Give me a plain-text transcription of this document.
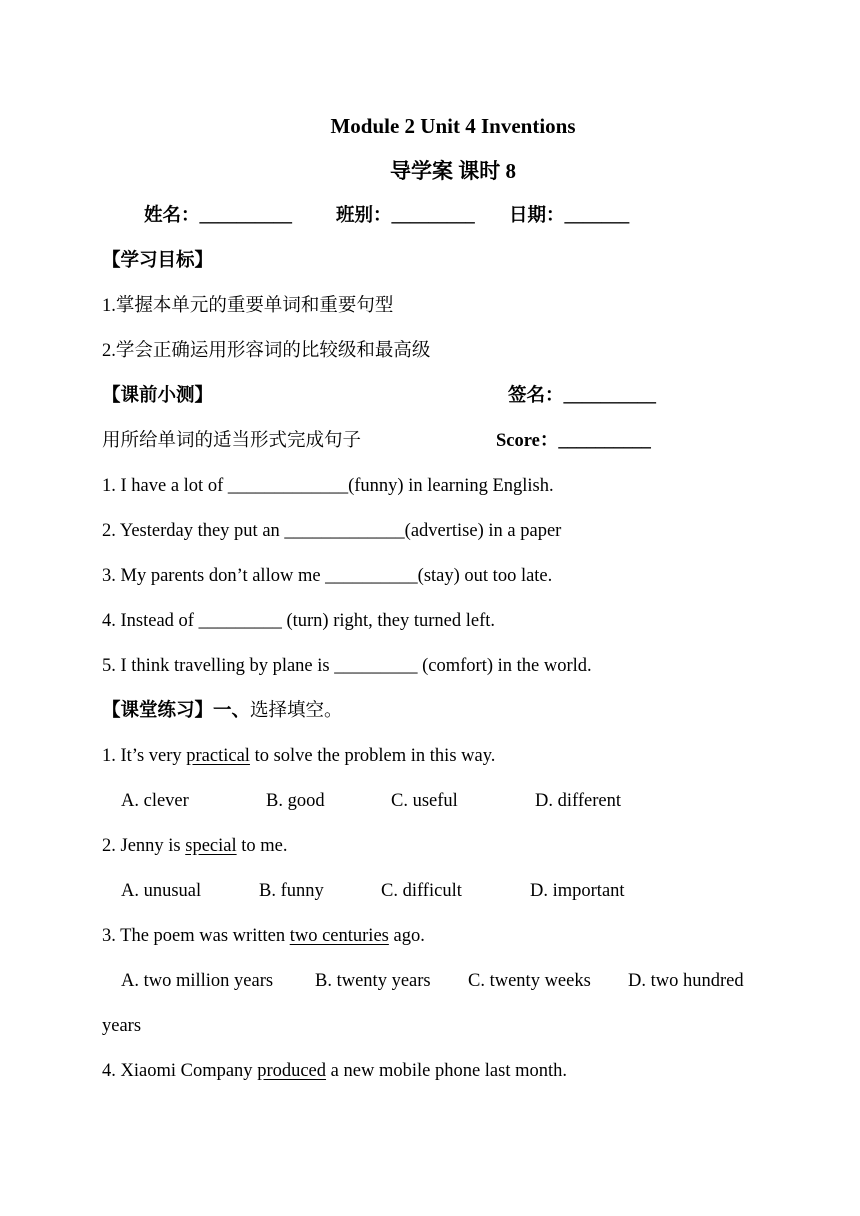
Module 2 Unit 4 Inventions
导学案 课时 8
姓名：__________ 班别：_________ 日期：_______
【学习目标】
1.掌握本单元的重要单词和重要句型
2.学会正确运用形容词的比较级和最高级
【课前小测】	签名：__________
用所给单词的适当形式完成句子	Score：__________
1. I have a lot of _____________(funny) in learning English.
2. Yesterday they put an _____________(advertise) in a paper
3. My parents don’t allow me __________(stay) out too late.
4. Instead of _________ (turn) right, they turned left.
5. I think travelling by plane is _________ (comfort) in the world.
【课堂练习】一、选择填空。
1. It’s very practical to solve the problem in this way.
A. clever	B. good	C. useful	D. different
2. Jenny is special to me.
A. unusual	B. funny	C. difficult	D. important
3. The poem was written two centuries ago.
A. two million years B. twenty years C. twenty weeks D. two hundred
years
4. Xiaomi Company produced a new mobile phone last month.
